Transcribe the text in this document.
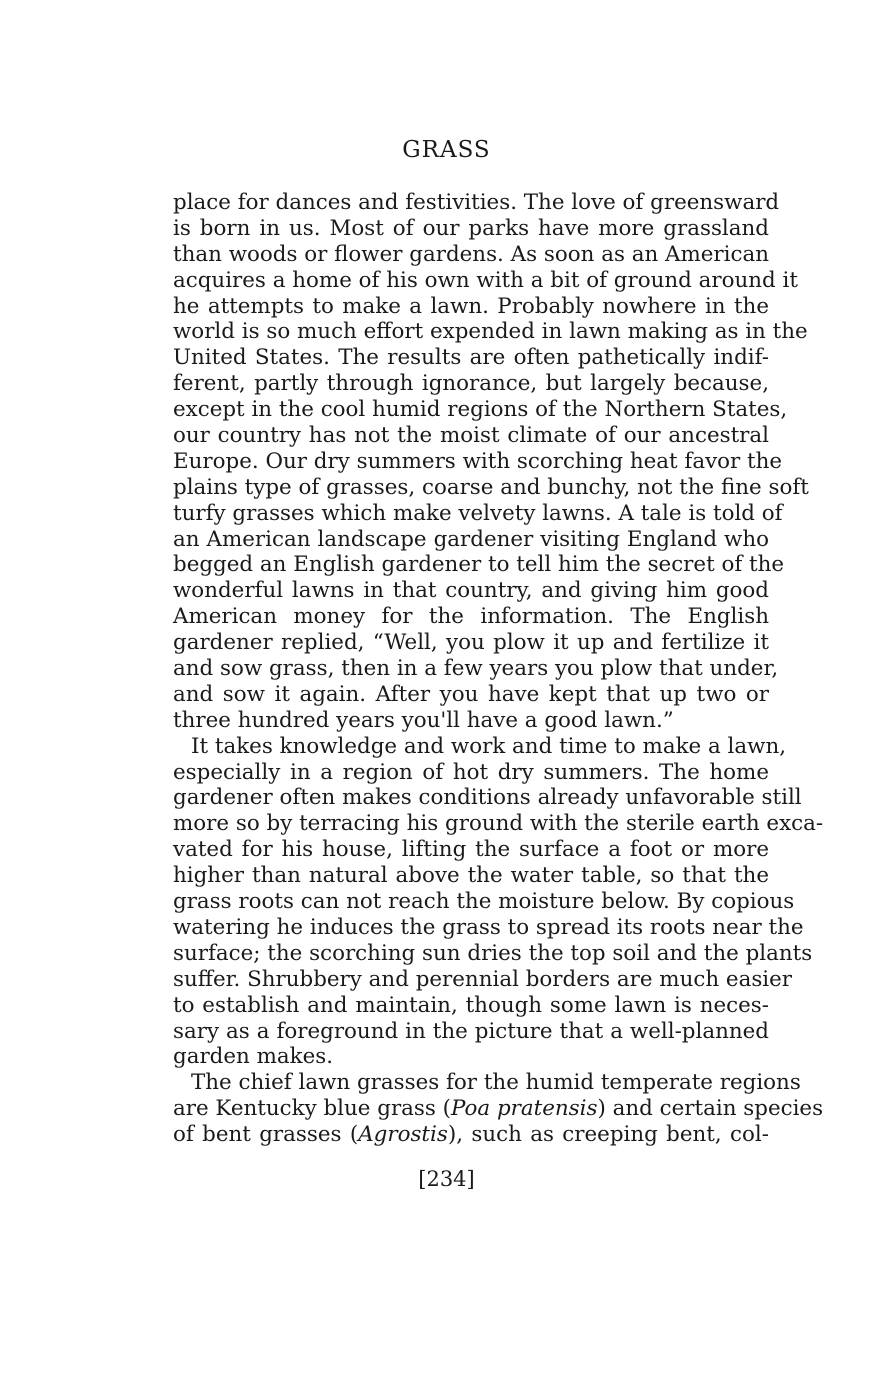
GRASS
place for dances and festivities. The love of greensward
is born in us. Most of our parks have more grassland
than woods or flower gardens. As soon as an American
acquires a home of his own with a bit of ground around it
he attempts to make a lawn. Probably nowhere in the
world is so much effort expended in lawn making as in the
United States. The results are often pathetically indif-
ferent, partly through ignorance, but largely because,
except in the cool humid regions of the Northern States,
our country has not the moist climate of our ancestral
Europe. Our dry summers with scorching heat favor the
plains type of grasses, coarse and bunchy, not the fine soft
turfy grasses which make velvety lawns. A tale is told of
an American landscape gardener visiting England who
begged an English gardener to tell him the secret of the
wonderful lawns in that country, and giving him good
American money for the information. The English
gardener replied, “Well, you plow it up and fertilize it
and sow grass, then in a few years you plow that under,
and sow it again. After you have kept that up two or
three hundred years you'll have a good lawn.”
It takes knowledge and work and time to make a lawn,
especially in a region of hot dry summers. The home
gardener often makes conditions already unfavorable still
more so by terracing his ground with the sterile earth exca-
vated for his house, lifting the surface a foot or more
higher than natural above the water table, so that the
grass roots can not reach the moisture below. By copious
watering he induces the grass to spread its roots near the
surface; the scorching sun dries the top soil and the plants
suffer. Shrubbery and perennial borders are much easier
to establish and maintain, though some lawn is neces-
sary as a foreground in the picture that a well-planned
garden makes.
The chief lawn grasses for the humid temperate regions
are Kentucky blue grass (Poa pratensis) and certain species
of bent grasses (Agrostis), such as creeping bent, col-
[234]
